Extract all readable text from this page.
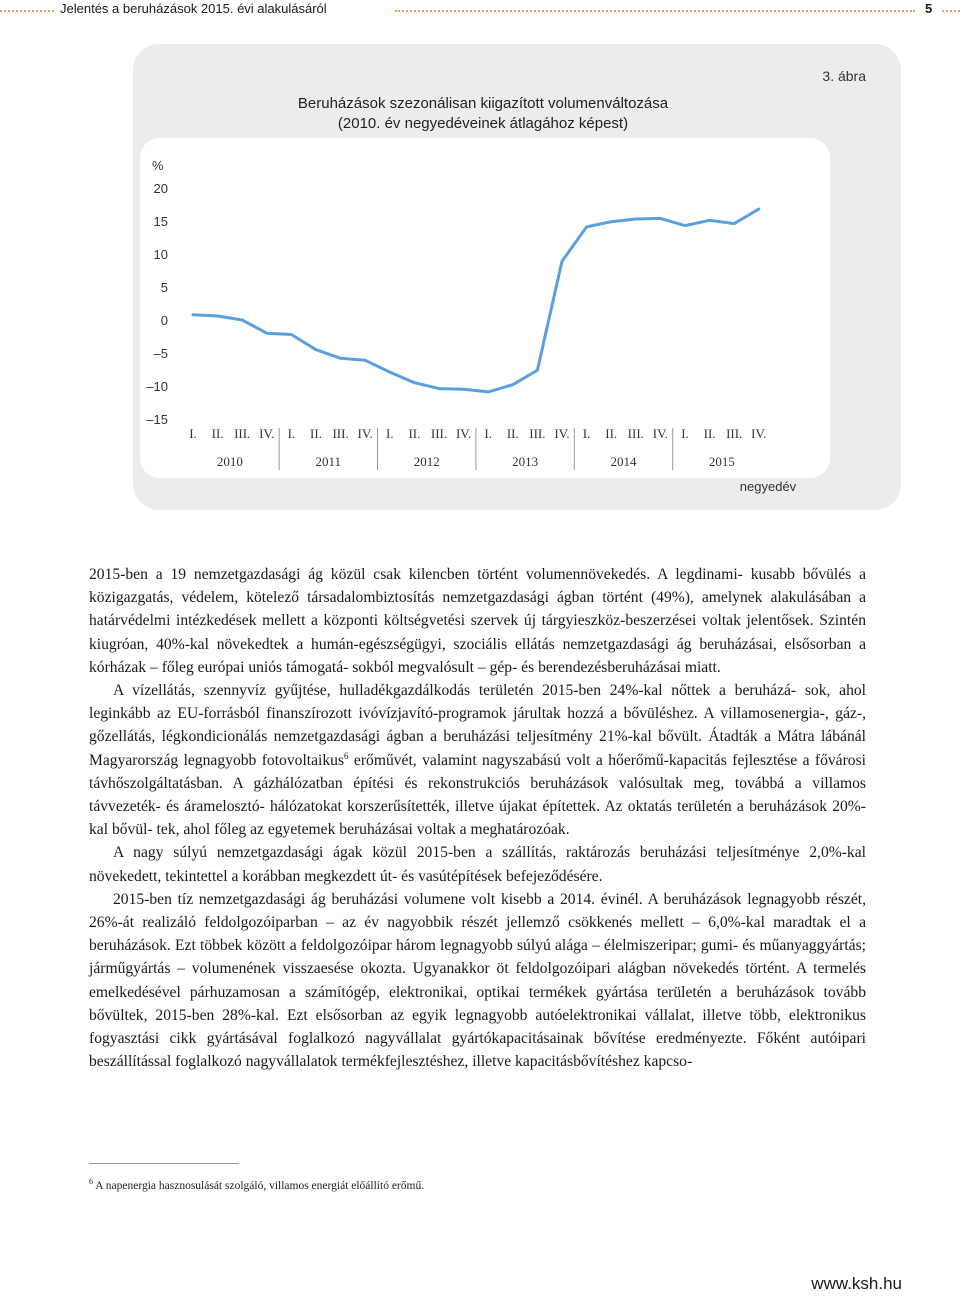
Jelentés a beruházások 2015. évi alakulásáról	5
3. ábra
Beruházások szezonálisan kiigazított volumenváltozása
(2010. év negyedéveinek átlagához képest)
%
20
15
10
5
0
–5
–10
–15
I. II. III. IV. I. II. III. IV. I. II. III. IV. I. II. III. IV. I. II. III. IV. I. II. III. IV.
2010	2011	2012	2013	2014	2015
negyedév

2015-ben a 19 nemzetgazdasági ág közül csak kilencben történt volumennövekedés. A legdinami- kusabb bővülés a közigazgatás, védelem, kötelező társadalombiztosítás nemzetgazdasági ágban történt (49%), amelynek alakulásában a határvédelmi intézkedések mellett a központi költségvetési szervek új tárgyieszköz-beszerzései voltak jelentősek. Szintén kiugróan, 40%-kal növekedtek a humán-egészségügyi, szociális ellátás nemzetgazdasági ág beruházásai, elsősorban a kórházak – főleg európai uniós támogatá- sokból megvalósult – gép- és berendezésberuházásai miatt.

A vízellátás, szennyvíz gyűjtése, hulladékgazdálkodás területén 2015-ben 24%-kal nőttek a beruházá- sok, ahol leginkább az EU-forrásból finanszírozott ivóvízjavító-programok járultak hozzá a bővüléshez. A villamosenergia-, gáz-, gőzellátás, légkondicionálás nemzetgazdasági ágban a beruházási teljesítmény 21%-kal bővült. Átadták a Mátra lábánál Magyarország legnagyobb fotovoltaikus$^6$ erőművét, valamint nagyszabású volt a hőerőmű-kapacitás fejlesztése a fővárosi távhőszolgáltatásban. A gázhálózatban építési és rekonstrukciós beruházások valósultak meg, továbbá a villamos távvezeték- és áramelosztó- hálózatokat korszerűsítették, illetve újakat építettek. Az oktatás területén a beruházások 20%-kal bővül- tek, ahol főleg az egyetemek beruházásai voltak a meghatározóak.

A nagy súlyú nemzetgazdasági ágak közül 2015-ben a szállítás, raktározás beruházási teljesítménye 2,0%-kal növekedett, tekintettel a korábban megkezdett út- és vasútépítések befejeződésére.

2015-ben tíz nemzetgazdasági ág beruházási volumene volt kisebb a 2014. évinél. A beruházások legnagyobb részét, 26%-át realizáló feldolgozóiparban – az év nagyobbik részét jellemző csökkenés mellett – 6,0%-kal maradtak el a beruházások. Ezt többek között a feldolgozóipar három legnagyobb súlyú alága – élelmiszeripar; gumi- és műanyaggyártás; járműgyártás – volumenének visszaesése okozta. Ugyanakkor öt feldolgozóipari alágban növekedés történt. A termelés emelkedésével párhuzamosan a számítógép, elektronikai, optikai termékek gyártása területén a beruházások tovább bővültek, 2015-ben 28%-kal. Ezt elsősorban az egyik legnagyobb autóelektronikai vállalat, illetve több, elektronikus fogyasztási cikk gyártásával foglalkozó nagyvállalat gyártókapacitásainak bővítése eredményezte. Főként autóipari beszállítással foglalkozó nagyvállalatok termékfejlesztéshez, illetve kapacitásbővítéshez kapcso-

$^6$ A napenergia hasznosulását szolgáló, villamos energiát előállító erőmű.
www.ksh.hu
